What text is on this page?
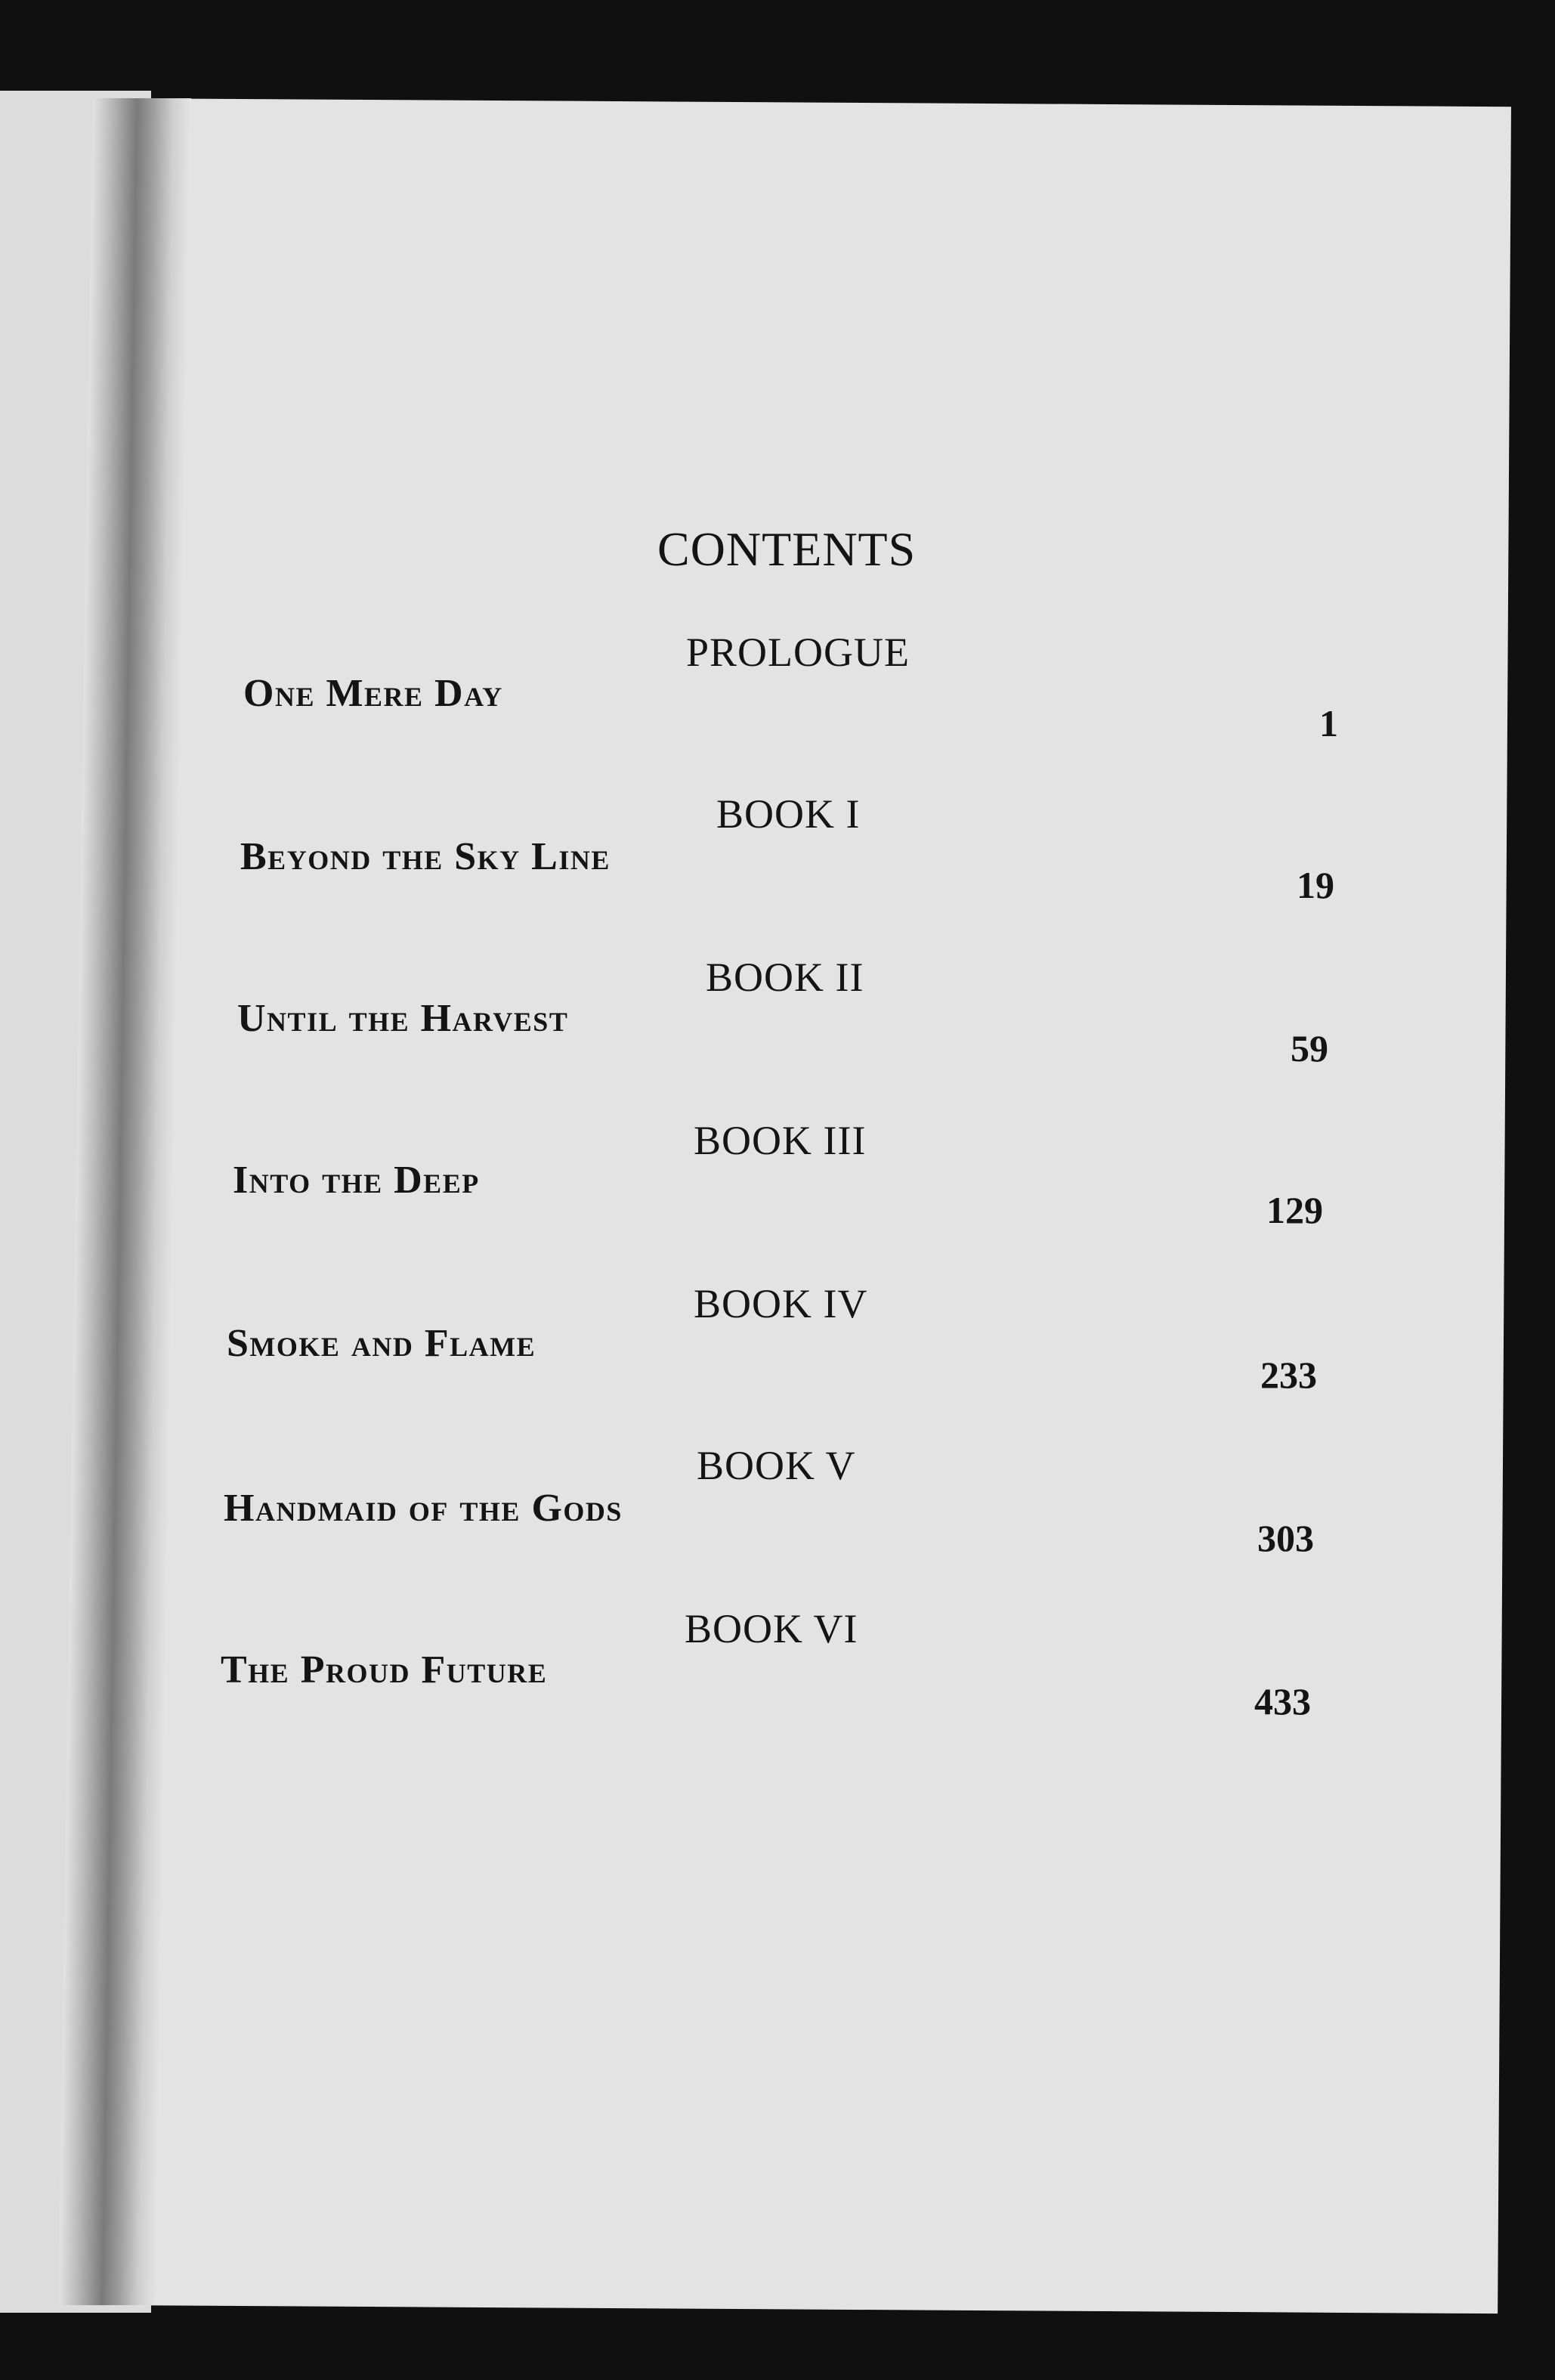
CONTENTS
PROLOGUE
One Mere Day
1
BOOK I
Beyond the Sky Line
19
BOOK II
Until the Harvest
59
BOOK III
Into the Deep
129
BOOK IV
Smoke and Flame
233
BOOK V
Handmaid of the Gods
303
BOOK VI
The Proud Future
433
